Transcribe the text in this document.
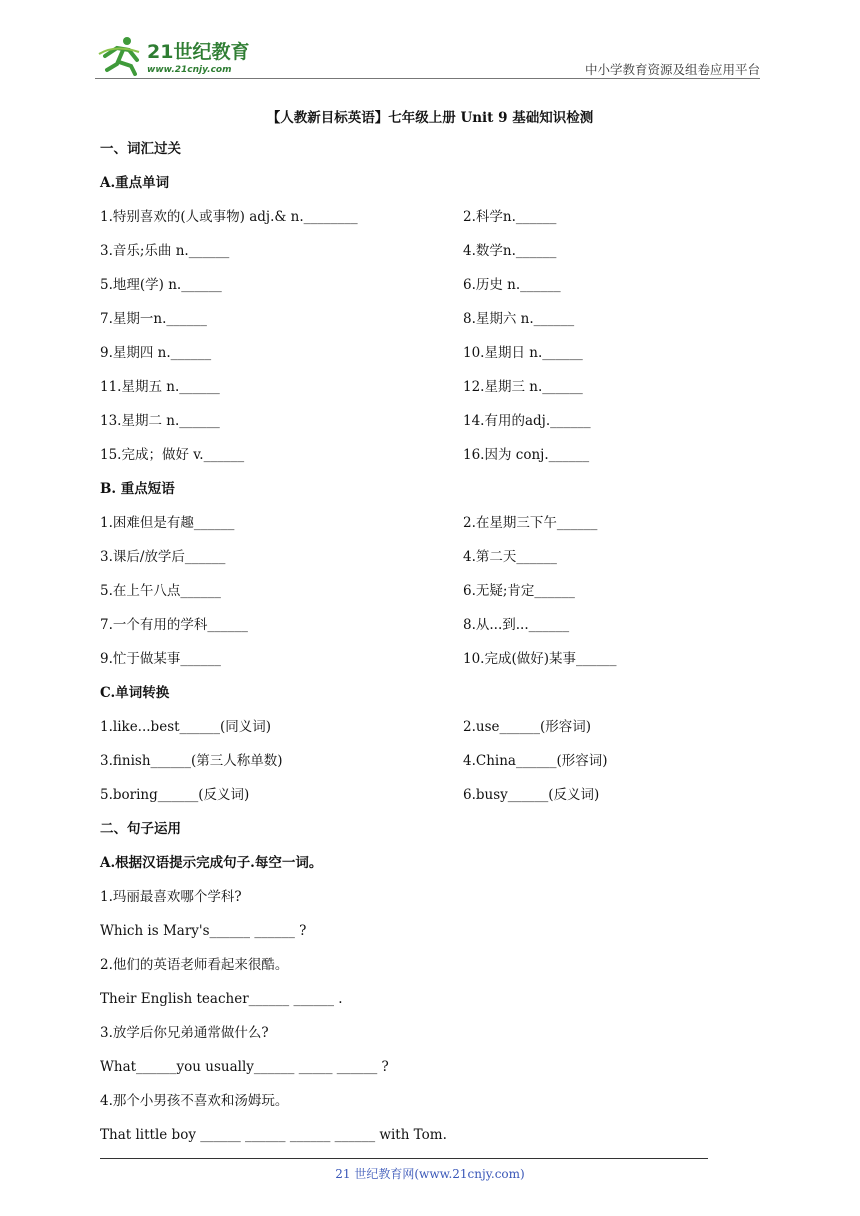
21世纪教育
www.21cnjy.com	中小学教育资源及组卷应用平台
【人教新目标英语】七年级上册 Unit 9 基础知识检测
一、词汇过关
A.重点单词
1.特别喜欢的(人或事物) adj.& n.________	2.科学n.______
3.音乐;乐曲 n.______	4.数学n.______
5.地理(学) n.______	6.历史 n.______
7.星期一n.______	8.星期六 n.______
9.星期四 n.______	10.星期日 n.______
11.星期五 n.______	12.星期三 n.______
13.星期二 n.______	14.有用的adj.______
15.完成；做好 v.______	16.因为 conj.______
B. 重点短语
1.困难但是有趣______	2.在星期三下午______
3.课后/放学后______	4.第二天______
5.在上午八点______	6.无疑;肯定______
7.一个有用的学科______	8.从...到...______
9.忙于做某事______	10.完成(做好)某事______
C.单词转换
1.like...best______(同义词)	2.use______(形容词)
3.finish______(第三人称单数)	4.China______(形容词)
5.boring______(反义词)	6.busy______(反义词)
二、句子运用
A.根据汉语提示完成句子.每空一词。
1.玛丽最喜欢哪个学科?
Which is Mary's______ ______ ?
2.他们的英语老师看起来很酷。
Their English teacher______ ______ .
3.放学后你兄弟通常做什么?
What______you usually______ _____ ______ ?
4.那个小男孩不喜欢和汤姆玩。
That little boy ______ ______ ______ ______ with Tom.
21 世纪教育网(www.21cnjy.com)
